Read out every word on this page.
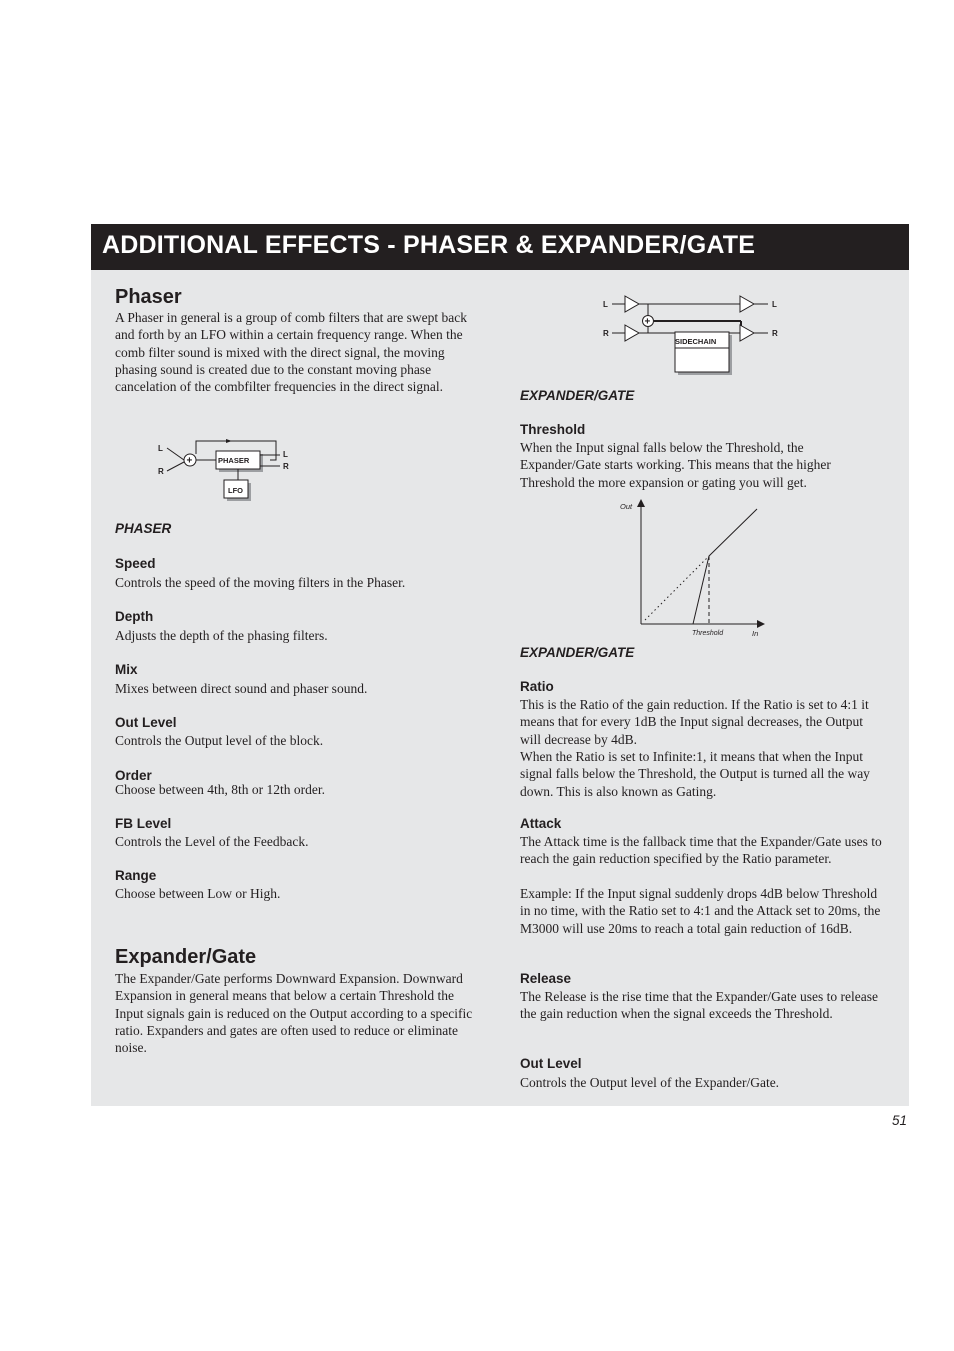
ADDITIONAL EFFECTS - PHASER & EXPANDER/GATE
Phaser

A Phaser in general is a group of comb filters that are swept back and forth by an LFO within a certain frequency range. When the comb filter sound is mixed with the direct signal, the moving phasing sound is created due to the constant moving phase cancelation of the combfilter frequencies in the direct signal.

L
R
+	PHASER
L
R
LFO

PHASER

Speed

Controls the speed of the moving filters in the Phaser.

Depth

Adjusts the depth of the phasing filters.

Mix

Mixes between direct sound and phaser sound.

Out Level

Controls the Output level of the block.

Order

Choose between 4th, 8th or 12th order.

FB Level

Controls the Level of the Feedback.

Range

Choose between Low or High.

Expander/Gate

The Expander/Gate performs Downward Expansion. Downward Expansion in general means that below a certain Threshold the Input signals gain is reduced on the Output according to a specific ratio. Expanders and gates are often used to reduce or eliminate noise.

L
R
+
SIDECHAIN
L
R

EXPANDER/GATE

Threshold

When the Input signal falls below the Threshold, the Expander/Gate starts working. This means that the higher Threshold the more expansion or gating you will get.

Out
Threshold	In

EXPANDER/GATE

Ratio

This is the Ratio of the gain reduction. If the Ratio is set to 4:1 it means that for every 1dB the Input signal decreases, the Output will decrease by 4dB.

When the Ratio is set to Infinite:1, it means that when the Input signal falls below the Threshold, the Output is turned all the way down. This is also known as Gating.

Attack

The Attack time is the fallback time that the Expander/Gate uses to reach the gain reduction specified by the Ratio parameter.

Example: If the Input signal suddenly drops 4dB below Threshold in no time, with the Ratio set to 4:1 and the Attack set to 20ms, the M3000 will use 20ms to reach a total gain reduction of 16dB.

Release

The Release is the rise time that the Expander/Gate uses to release the gain reduction when the signal exceeds the Threshold.

Out Level

Controls the Output level of the Expander/Gate.

51
